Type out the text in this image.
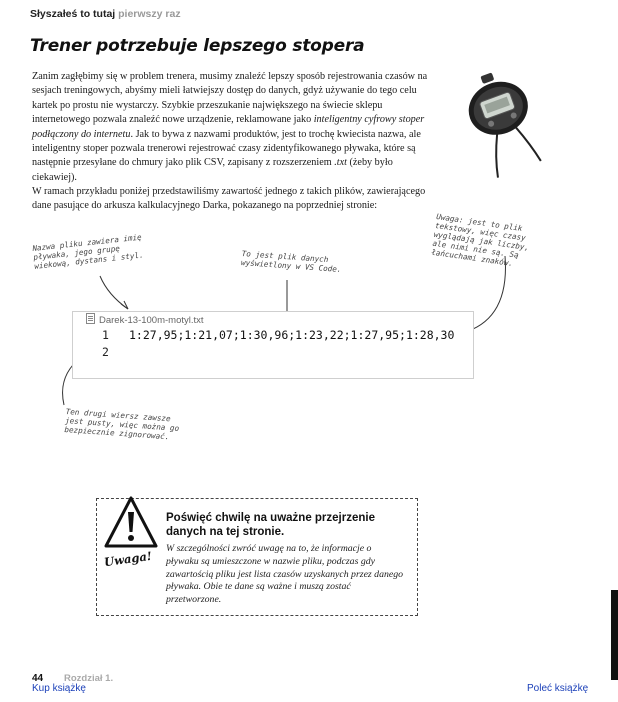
Słyszałeś to tutaj pierwszy raz
Trener potrzebuje lepszego stopera
Zanim zagłębimy się w problem trenera, musimy znaleźć lepszy sposób rejestrowania czasów na sesjach treningowych, abyśmy mieli łatwiejszy dostęp do danych, gdyż używanie do tego celu kartek po prostu nie wystarczy. Szybkie przeszukanie największego na świecie sklepu internetowego pozwala znaleźć nowe urządzenie, reklamowane jako inteligentny cyfrowy stoper podłączony do internetu. Jak to bywa z nazwami produktów, jest to trochę kwiecista nazwa, ale inteligentny stoper pozwala trenerowi rejestrować czasy zidentyfikowanego pływaka, które są następnie przesyłane do chmury jako plik CSV, zapisany z rozszerzeniem .txt (żeby było ciekawiej).
W ramach przykładu poniżej przedstawiliśmy zawartość jednego z takich plików, zawierającego dane pasujące do arkusza kalkulacyjnego Darka, pokazanego na poprzedniej stronie:
Nazwa pliku zawiera imię pływaka, jego grupę wiekową, dystans i styl.	To jest plik danych wyświetlony w VS Code.
Uwaga: jest to plik tekstowy, więc czasy wyglądają jak liczby, ale nimi nie są. Są łańcuchami znaków.
Ten drugi wiersz zawsze jest pusty, więc można go bezpiecznie zignorować.
Darek-13-100m-motyl.txt
1 1:27,95;1:21,07;1:30,96;1:23,22;1:27,95;1:28,30
2
Uwaga!
Poświęć chwilę na uważne przejrzenie danych na tej stronie.
W szczególności zwróć uwagę na to, że informacje o pływaku są umieszczone w nazwie pliku, podczas gdy zawartością pliku jest lista czasów uzyskanych przez danego pływaka. Obie te dane są ważne i muszą zostać przetworzone.
44 Rozdział 1.
Kup książkę	Poleć książkę
